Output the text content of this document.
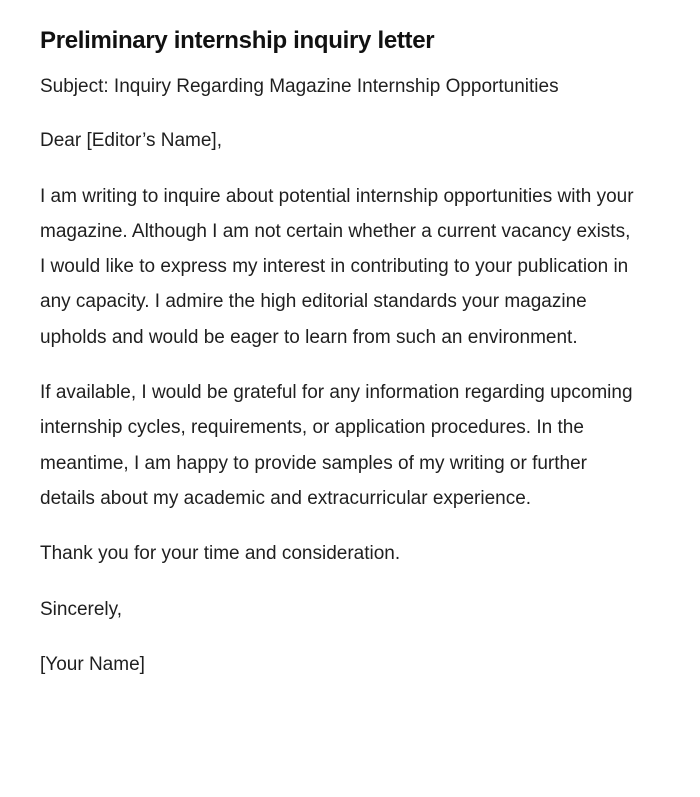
Preliminary internship inquiry letter

Subject: Inquiry Regarding Magazine Internship Opportunities

Dear [Editor’s Name],

I am writing to inquire about potential internship opportunities with your magazine. Although I am not certain whether a current vacancy exists, I would like to express my interest in contributing to your publication in any capacity. I admire the high editorial standards your magazine upholds and would be eager to learn from such an environment.

If available, I would be grateful for any information regarding upcoming internship cycles, requirements, or application procedures. In the meantime, I am happy to provide samples of my writing or further details about my academic and extracurricular experience.

Thank you for your time and consideration.

Sincerely,

[Your Name]
